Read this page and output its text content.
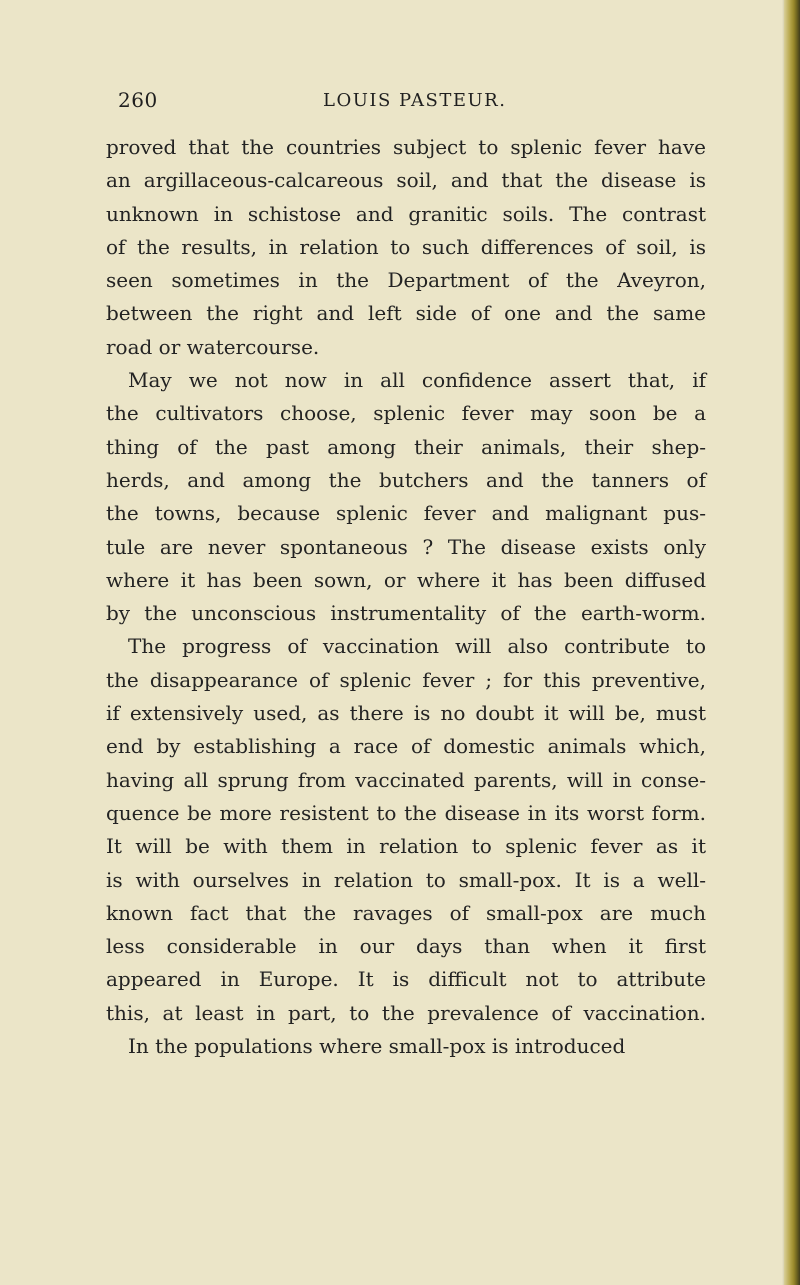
260	LOUIS PASTEUR.
proved that the countries subject to splenic fever have
an argillaceous-calcareous soil, and that the disease is
unknown in schistose and granitic soils. The contrast
of the results, in relation to such differences of soil, is
seen sometimes in the Department of the Aveyron,
between the right and left side of one and the same
road or watercourse.
May we not now in all confidence assert that, if
the cultivators choose, splenic fever may soon be a
thing of the past among their animals, their shep-
herds, and among the butchers and the tanners of
the towns, because splenic fever and malignant pus-
tule are never spontaneous ? The disease exists only
where it has been sown, or where it has been diffused
by the unconscious instrumentality of the earth-worm.
The progress of vaccination will also contribute to
the disappearance of splenic fever ; for this preventive,
if extensively used, as there is no doubt it will be, must
end by establishing a race of domestic animals which,
having all sprung from vaccinated parents, will in conse-
quence be more resistent to the disease in its worst form.
It will be with them in relation to splenic fever as it
is with ourselves in relation to small-pox. It is a well-
known fact that the ravages of small-pox are much
less considerable in our days than when it first
appeared in Europe. It is difficult not to attribute
this, at least in part, to the prevalence of vaccination.
In the populations where small-pox is introduced
